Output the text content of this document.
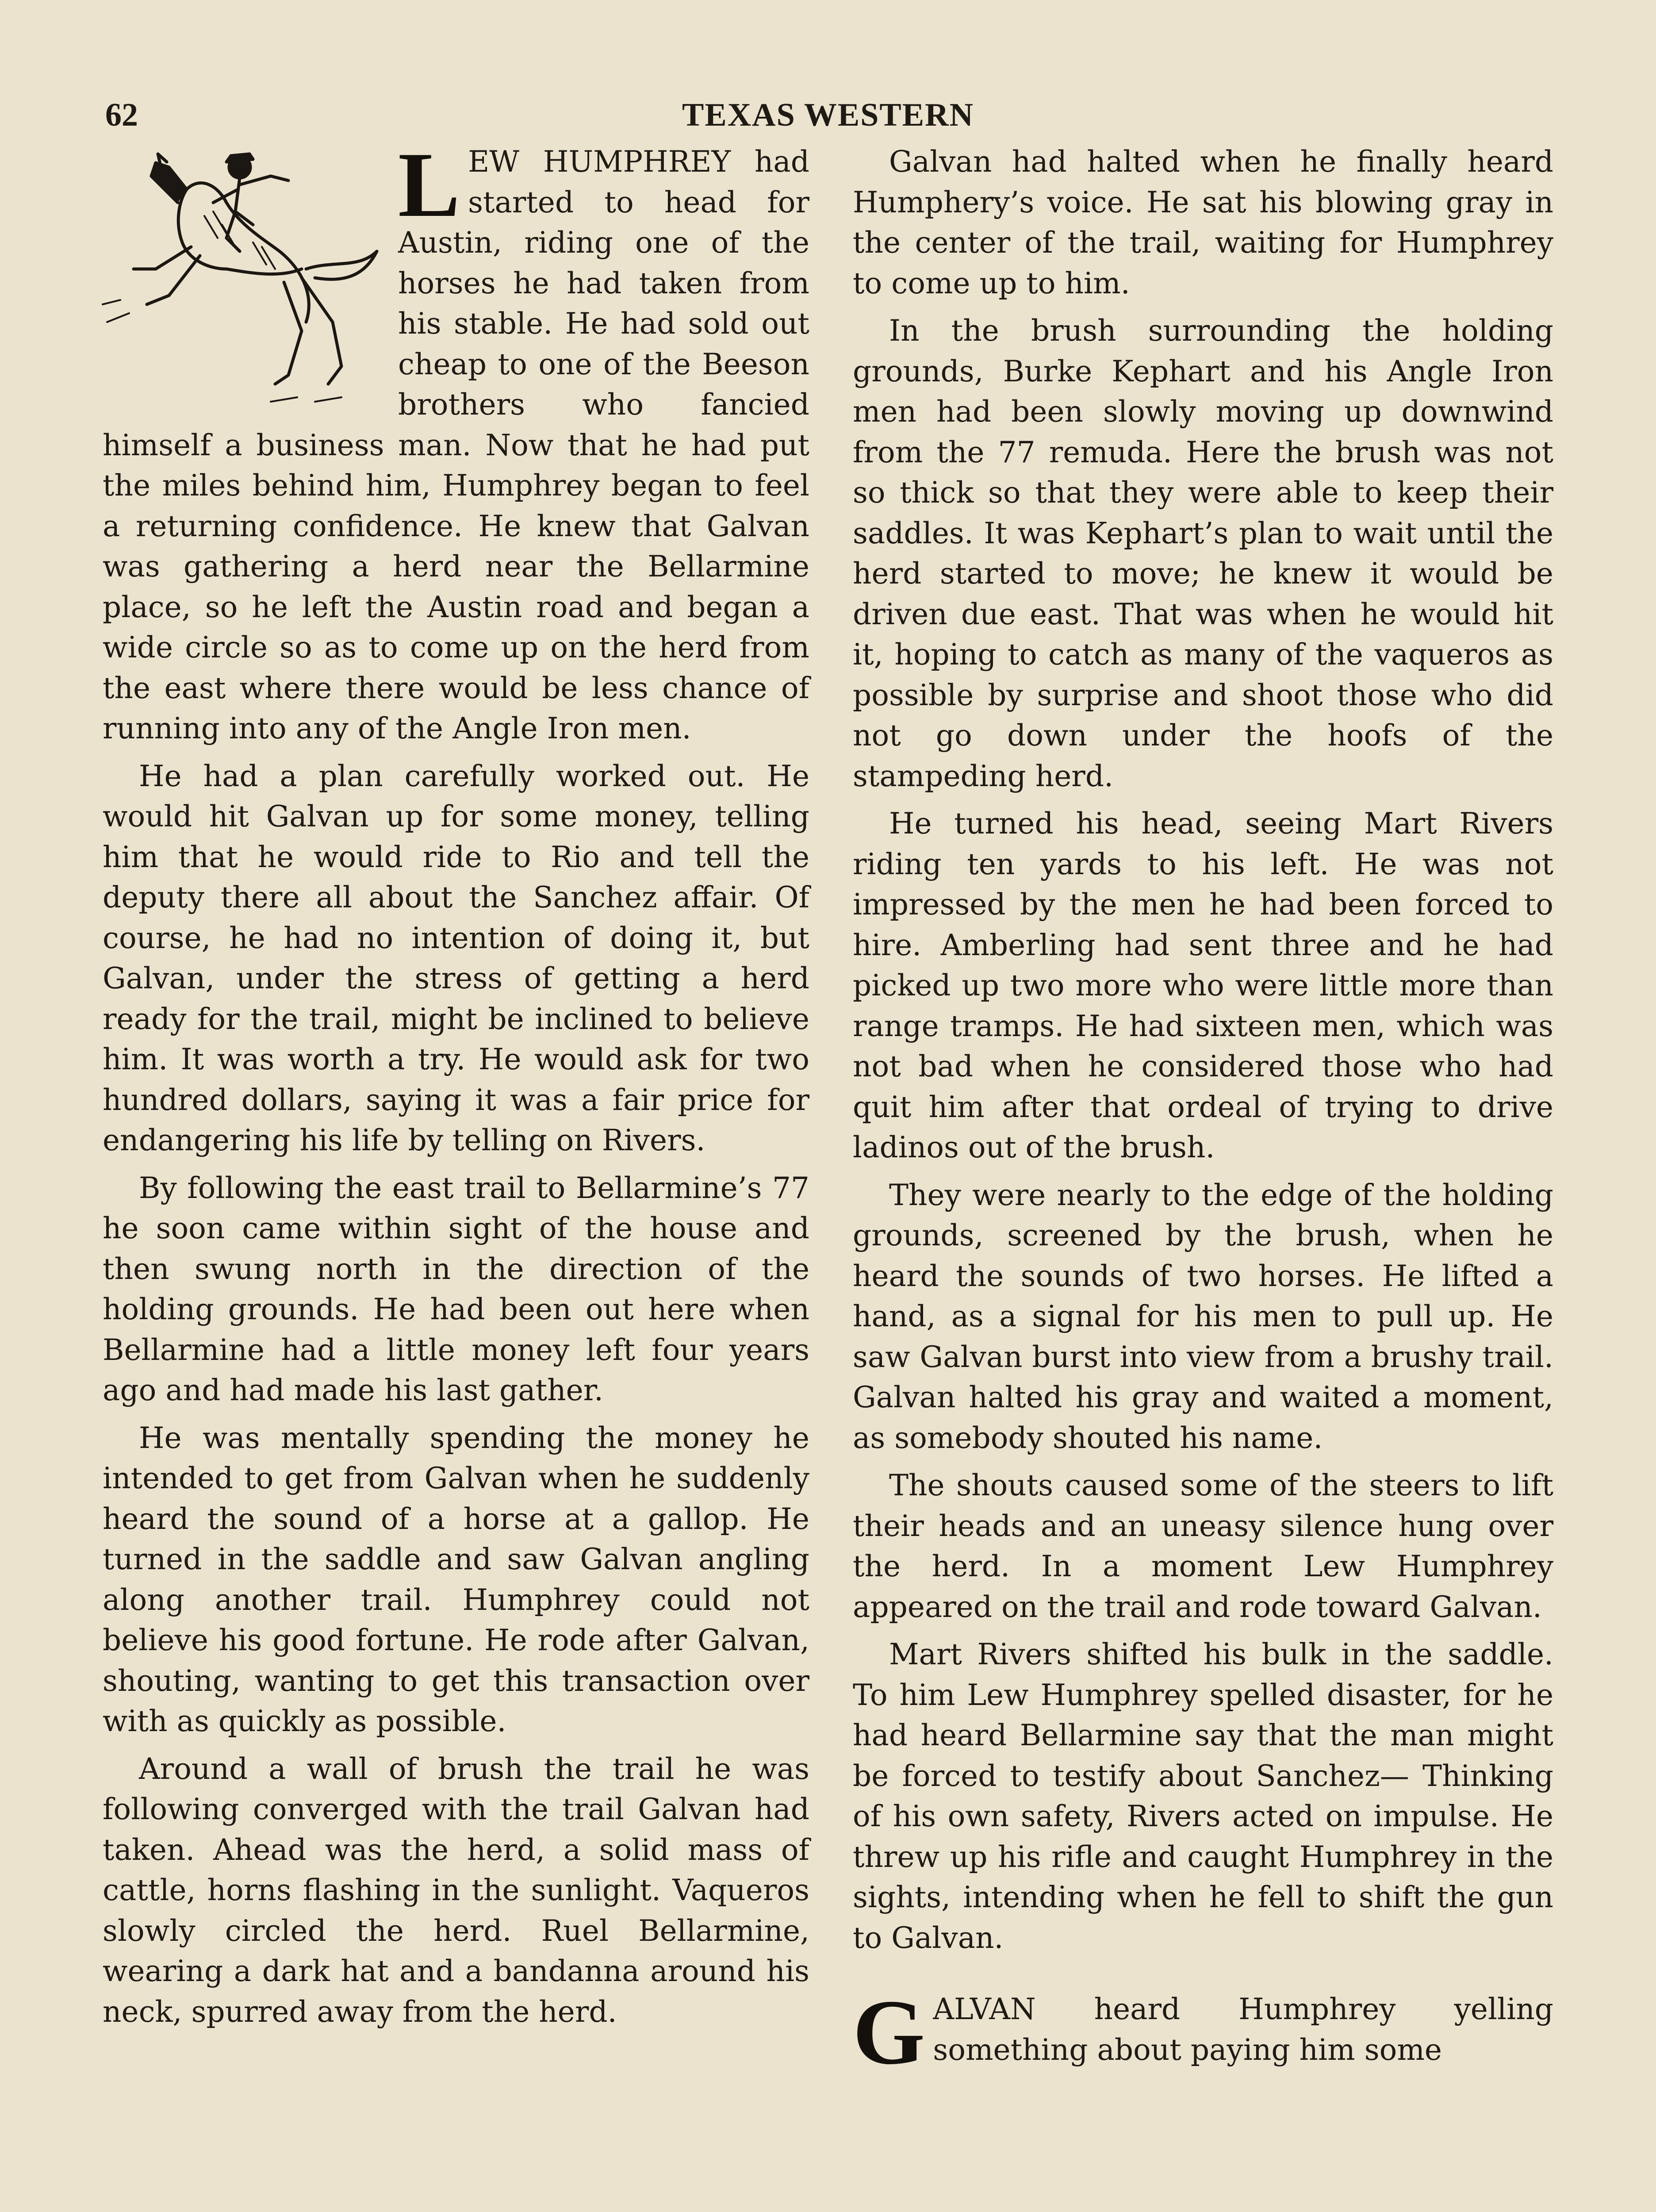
62	TEXAS WESTERN

LEW HUMPHREY had started to head for Austin, riding one of the horses he had taken from his stable. He had sold out cheap to one of the Beeson brothers who fancied himself a business man. Now that he had put the miles behind him, Humphrey began to feel a returning confidence. He knew that Galvan was gathering a herd near the Bellarmine place, so he left the Austin road and began a wide circle so as to come up on the herd from the east where there would be less chance of running into any of the Angle Iron men.

He had a plan carefully worked out. He would hit Galvan up for some money, telling him that he would ride to Rio and tell the deputy there all about the Sanchez affair. Of course, he had no intention of doing it, but Galvan, under the stress of getting a herd ready for the trail, might be inclined to believe him. It was worth a try. He would ask for two hundred dollars, saying it was a fair price for endangering his life by telling on Rivers.

By following the east trail to Bellarmine’s 77 he soon came within sight of the house and then swung north in the direction of the holding grounds. He had been out here when Bellarmine had a little money left four years ago and had made his last gather.

He was mentally spending the money he intended to get from Galvan when he suddenly heard the sound of a horse at a gallop. He turned in the saddle and saw Galvan angling along another trail. Humphrey could not believe his good fortune. He rode after Galvan, shouting, wanting to get this transaction over with as quickly as possible.

Around a wall of brush the trail he was following converged with the trail Galvan had taken. Ahead was the herd, a solid mass of cattle, horns flashing in the sunlight. Vaqueros slowly circled the herd. Ruel Bellarmine, wearing a dark hat and a bandanna around his neck, spurred away from the herd.

Galvan had halted when he finally heard Humphery’s voice. He sat his blowing gray in the center of the trail, waiting for Humphrey to come up to him.

In the brush surrounding the holding grounds, Burke Kephart and his Angle Iron men had been slowly moving up downwind from the 77 remuda. Here the brush was not so thick so that they were able to keep their saddles. It was Kephart’s plan to wait until the herd started to move; he knew it would be driven due east. That was when he would hit it, hoping to catch as many of the vaqueros as possible by surprise and shoot those who did not go down under the hoofs of the stampeding herd.

He turned his head, seeing Mart Rivers riding ten yards to his left. He was not impressed by the men he had been forced to hire. Amberling had sent three and he had picked up two more who were little more than range tramps. He had sixteen men, which was not bad when he considered those who had quit him after that ordeal of trying to drive ladinos out of the brush.

They were nearly to the edge of the holding grounds, screened by the brush, when he heard the sounds of two horses. He lifted a hand, as a signal for his men to pull up. He saw Galvan burst into view from a brushy trail. Galvan halted his gray and waited a moment, as somebody shouted his name.

The shouts caused some of the steers to lift their heads and an uneasy silence hung over the herd. In a moment Lew Humphrey appeared on the trail and rode toward Galvan.

Mart Rivers shifted his bulk in the saddle. To him Lew Humphrey spelled disaster, for he had heard Bellarmine say that the man might be forced to testify about Sanchez— Thinking of his own safety, Rivers acted on impulse. He threw up his rifle and caught Humphrey in the sights, intending when he fell to shift the gun to Galvan.

GALVAN heard Humphrey yelling something about paying him some
